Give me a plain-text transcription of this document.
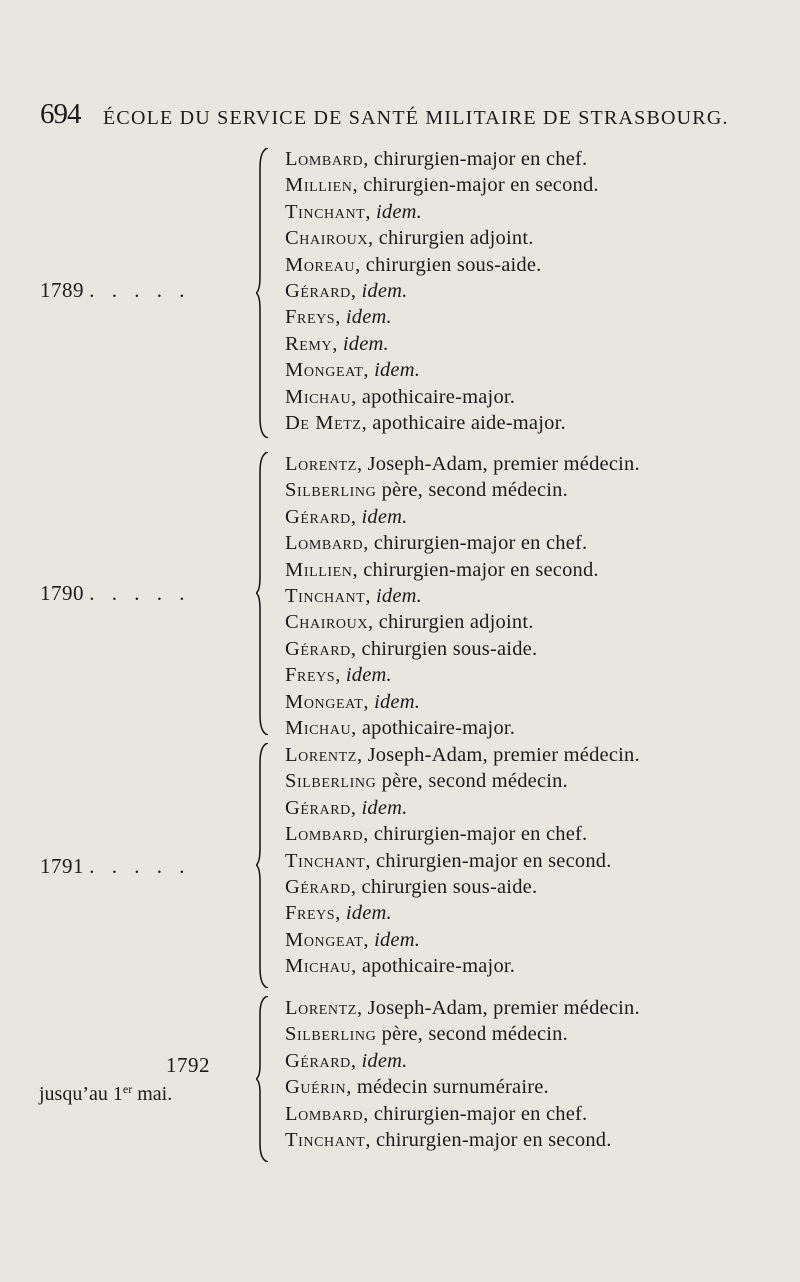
694 ÉCOLE DU SERVICE DE SANTÉ MILITAIRE DE STRASBOURG.
1789 . . . . .
Lombard, chirurgien-major en chef.
Millien, chirurgien-major en second.
Tinchant, idem.
Chairoux, chirurgien adjoint.
Moreau, chirurgien sous-aide.
Gérard, idem.
Freys, idem.
Remy, idem.
Mongeat, idem.
Michau, apothicaire-major.
De Metz, apothicaire aide-major.
1790 . . . . .
Lorentz, Joseph-Adam, premier médecin.
Silberling père, second médecin.
Gérard, idem.
Lombard, chirurgien-major en chef.
Millien, chirurgien-major en second.
Tinchant, idem.
Chairoux, chirurgien adjoint.
Gérard, chirurgien sous-aide.
Freys, idem.
Mongeat, idem.
Michau, apothicaire-major.
1791 . . . . .
Lorentz, Joseph-Adam, premier médecin.
Silberling père, second médecin.
Gérard, idem.
Lombard, chirurgien-major en chef.
Tinchant, chirurgien-major en second.
Gérard, chirurgien sous-aide.
Freys, idem.
Mongeat, idem.
Michau, apothicaire-major.
1792
jusqu’au 1er mai.
Lorentz, Joseph-Adam, premier médecin.
Silberling père, second médecin.
Gérard, idem.
Guérin, médecin surnuméraire.
Lombard, chirurgien-major en chef.
Tinchant, chirurgien-major en second.
